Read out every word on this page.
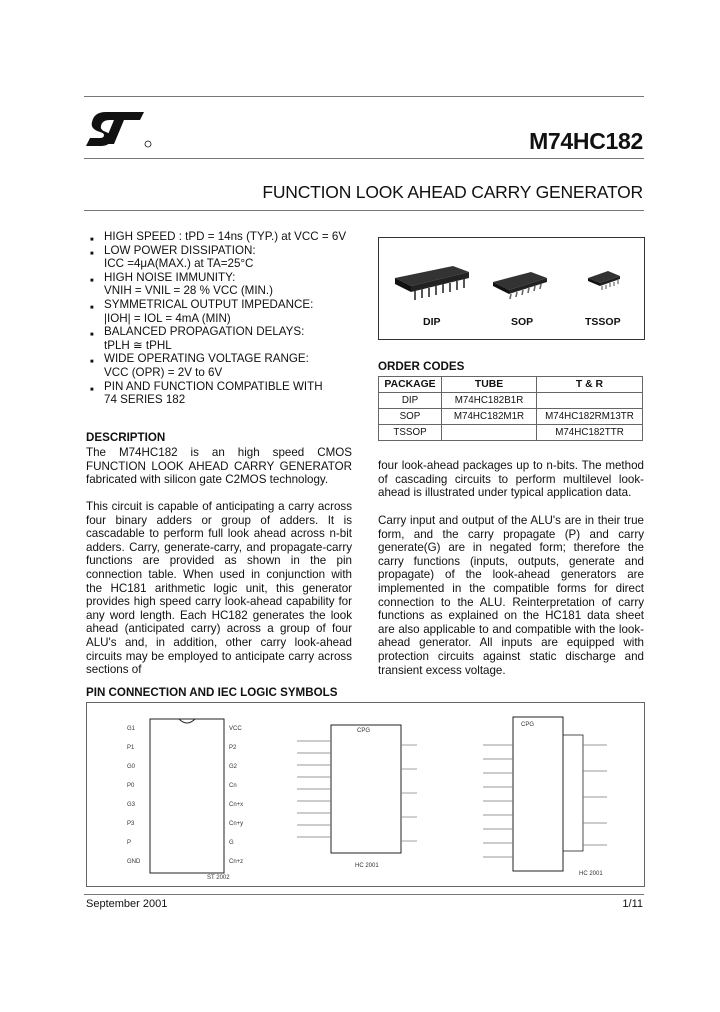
M74HC182
FUNCTION LOOK AHEAD CARRY GENERATOR
■ HIGH SPEED : tPD = 14ns (TYP.) at VCC = 6V
■ LOW POWER DISSIPATION:
ICC =4μA(MAX.) at TA=25°C
■ HIGH NOISE IMMUNITY:
VNIH = VNIL = 28 % VCC (MIN.)
■ SYMMETRICAL OUTPUT IMPEDANCE:
|IOH| = IOL = 4mA (MIN)
■ BALANCED PROPAGATION DELAYS:
tPLH ≅ tPHL
■ WIDE OPERATING VOLTAGE RANGE:
VCC (OPR) = 2V to 6V
■ PIN AND FUNCTION COMPATIBLE WITH
74 SERIES 182
DIP	SOP	TSSOP
ORDER CODES
PACKAGE	TUBE	T & R
DIP	M74HC182B1R	
SOP	M74HC182M1R	M74HC182RM13TR
TSSOP		M74HC182TTR
DESCRIPTION
The M74HC182 is an high speed CMOS FUNCTION LOOK AHEAD CARRY GENERATOR fabricated with silicon gate C2MOS technology.
This circuit is capable of anticipating a carry across four binary adders or group of adders. It is cascadable to perform full look ahead across n-bit adders. Carry, generate-carry, and propagate-carry functions are provided as shown in the pin connection table. When used in conjunction with the HC181 arithmetic logic unit, this generator provides high speed carry look-ahead capability for any word length. Each HC182 generates the look ahead (anticipated carry) across a group of four ALU's and, in addition, other carry look-ahead circuits may be employed to anticipate carry across sections of
four look-ahead packages up to n-bits. The method of cascading circuits to perform multilevel look-ahead is illustrated under typical application data.
Carry input and output of the ALU's are in their true form, and the carry propagate (P) and carry generate(G) are in negated form; therefore the carry functions (inputs, outputs, generate and propagate) of the look-ahead generators are implemented in the compatible forms for direct connection to the ALU. Reinterpretation of carry functions as explained on the HC181 data sheet are also applicable to and compatible with the look-ahead generator. All inputs are equipped with protection circuits against static discharge and transient excess voltage.
PIN CONNECTION AND IEC LOGIC SYMBOLS
G1
P1
G0
P0
G3
P3
P
GND
VCC
P2
G2
Cn
Cn+x
Cn+y
G
Cn+z
ST 2002
CPG
HC 2001
CPG
HC 2001
September 2001	1/11
